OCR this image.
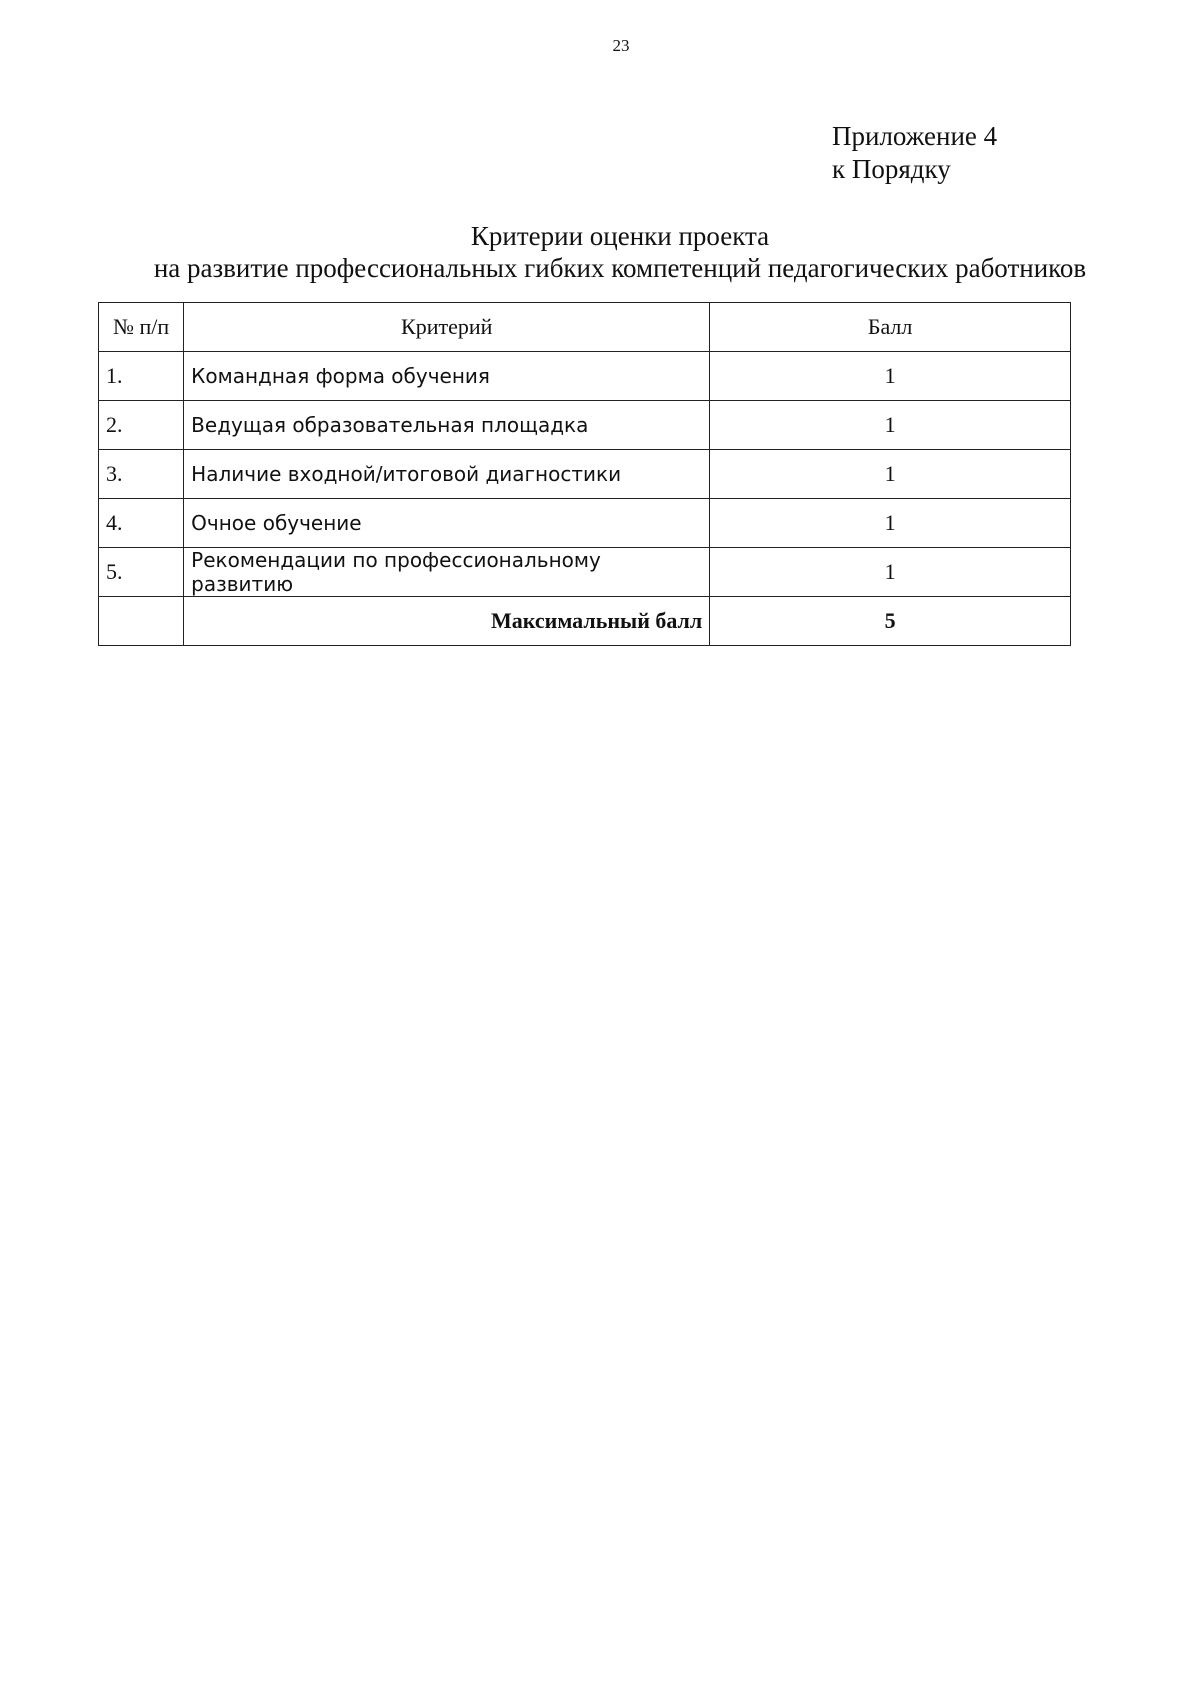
23
Приложение 4
к Порядку
Критерии оценки проекта
на развитие профессиональных гибких компетенций педагогических работников
№ п/п	Критерий	Балл
1.	Командная форма обучения	1
2.	Ведущая образовательная площадка	1
3.	Наличие входной/итоговой диагностики	1
4.	Очное обучение	1
5.	Рекомендации по профессиональному развитию	1
	Максимальный балл	5
